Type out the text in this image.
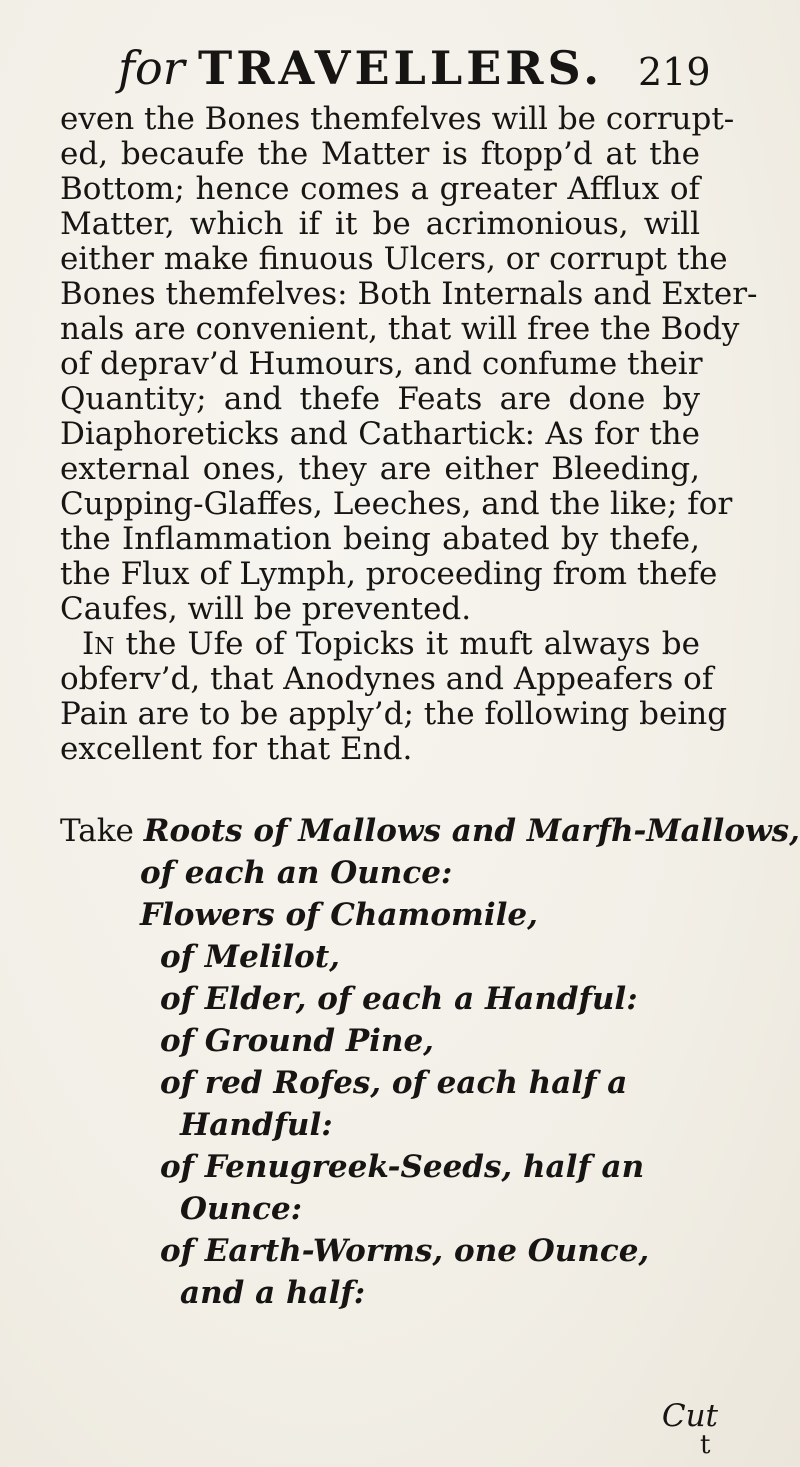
for TRAVELLERS. 219
even the Bones themfelves will be corrupt-
ed, becaufe the Matter is ftopp’d at the
Bottom; hence comes a greater Afflux of
Matter, which if it be acrimonious, will
either make finuous Ulcers, or corrupt the
Bones themfelves: Both Internals and Exter-
nals are convenient, that will free the Body
of deprav’d Humours, and confume their
Quantity; and thefe Feats are done by
Diaphoreticks and Cathartick: As for the
external ones, they are either Bleeding,
Cupping-Glaffes, Leeches, and the like; for
the Inflammation being abated by thefe,
the Flux of Lymph, proceeding from thefe
Caufes, will be prevented.
IN the Ufe of Topicks it muft always be
obferv’d, that Anodynes and Appeafers of
Pain are to be apply’d; the following being
excellent for that End.
Take Roots of Mallows and Marfh-Mallows,
of each an Ounce:
Flowers of Chamomile,
of Melilot,
of Elder, of each a Handful:
of Ground Pine,
of red Rofes, of each half a
Handful:
of Fenugreek-Seeds, half an
Ounce:
of Earth-Worms, one Ounce,
and a half:
Cut
t
